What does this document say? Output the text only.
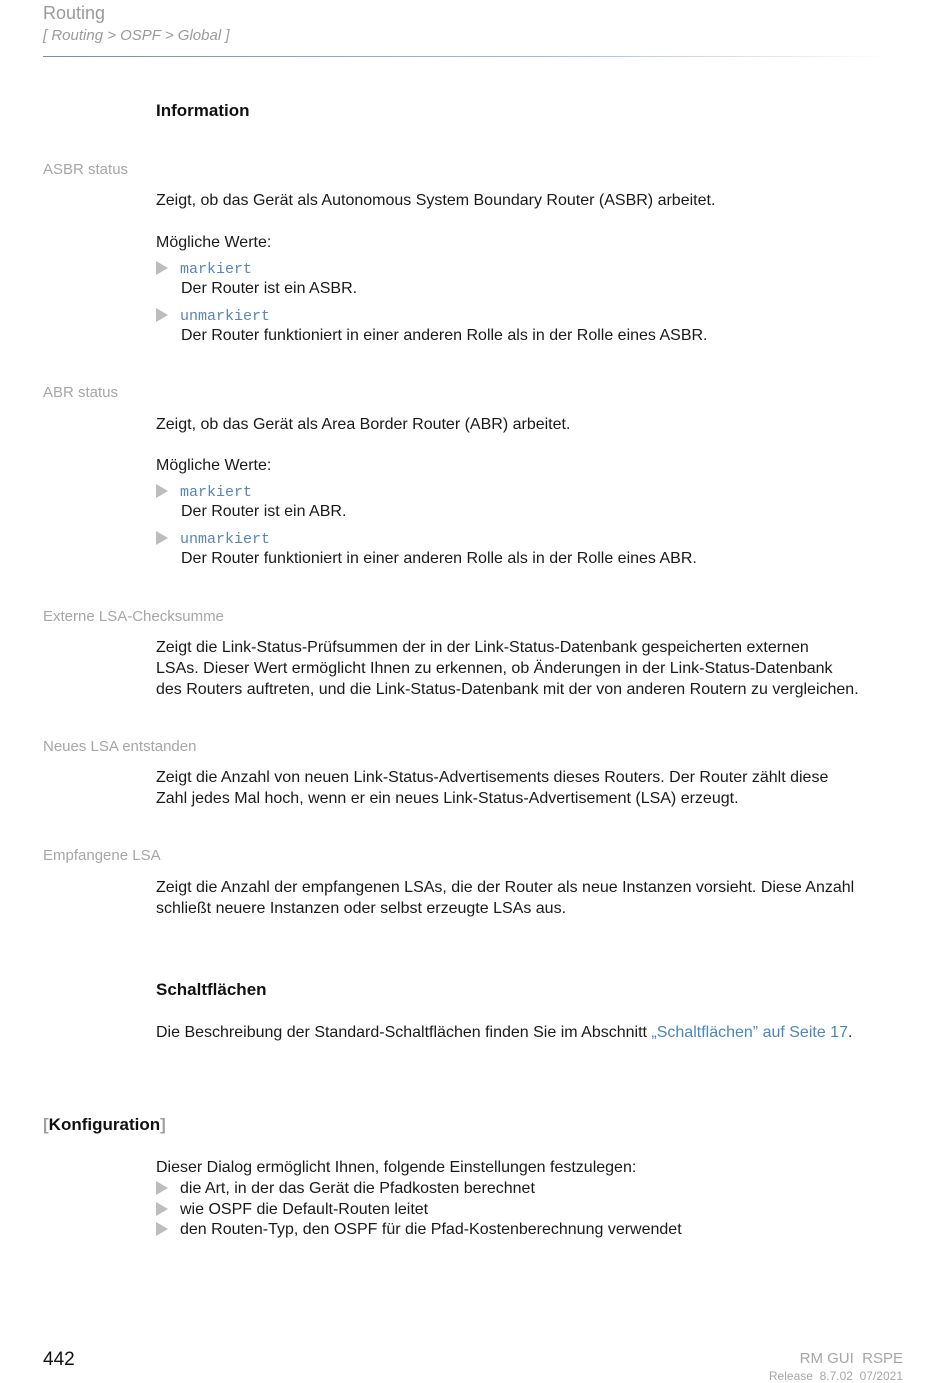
Routing
[ Routing > OSPF > Global ]
Information
ASBR status
Zeigt, ob das Gerät als Autonomous System Boundary Router (ASBR) arbeitet.
Mögliche Werte:
markiert
Der Router ist ein ASBR.
unmarkiert
Der Router funktioniert in einer anderen Rolle als in der Rolle eines ASBR.
ABR status
Zeigt, ob das Gerät als Area Border Router (ABR) arbeitet.
Mögliche Werte:
markiert
Der Router ist ein ABR.
unmarkiert
Der Router funktioniert in einer anderen Rolle als in der Rolle eines ABR.
Externe LSA-Checksumme
Zeigt die Link-Status-Prüfsummen der in der Link-Status-Datenbank gespeicherten externen
LSAs. Dieser Wert ermöglicht Ihnen zu erkennen, ob Änderungen in der Link-Status-Datenbank
des Routers auftreten, und die Link-Status-Datenbank mit der von anderen Routern zu vergleichen.
Neues LSA entstanden
Zeigt die Anzahl von neuen Link-Status-Advertisements dieses Routers. Der Router zählt diese
Zahl jedes Mal hoch, wenn er ein neues Link-Status-Advertisement (LSA) erzeugt.
Empfangene LSA
Zeigt die Anzahl der empfangenen LSAs, die der Router als neue Instanzen vorsieht. Diese Anzahl
schließt neuere Instanzen oder selbst erzeugte LSAs aus.
Schaltflächen
Die Beschreibung der Standard-Schaltflächen finden Sie im Abschnitt „Schaltflächen” auf Seite 17.
[Konfiguration]
Dieser Dialog ermöglicht Ihnen, folgende Einstellungen festzulegen:
die Art, in der das Gerät die Pfadkosten berechnet
wie OSPF die Default-Routen leitet
den Routen-Typ, den OSPF für die Pfad-Kostenberechnung verwendet
442	RM GUI  RSPE
Release  8.7.02  07/2021
